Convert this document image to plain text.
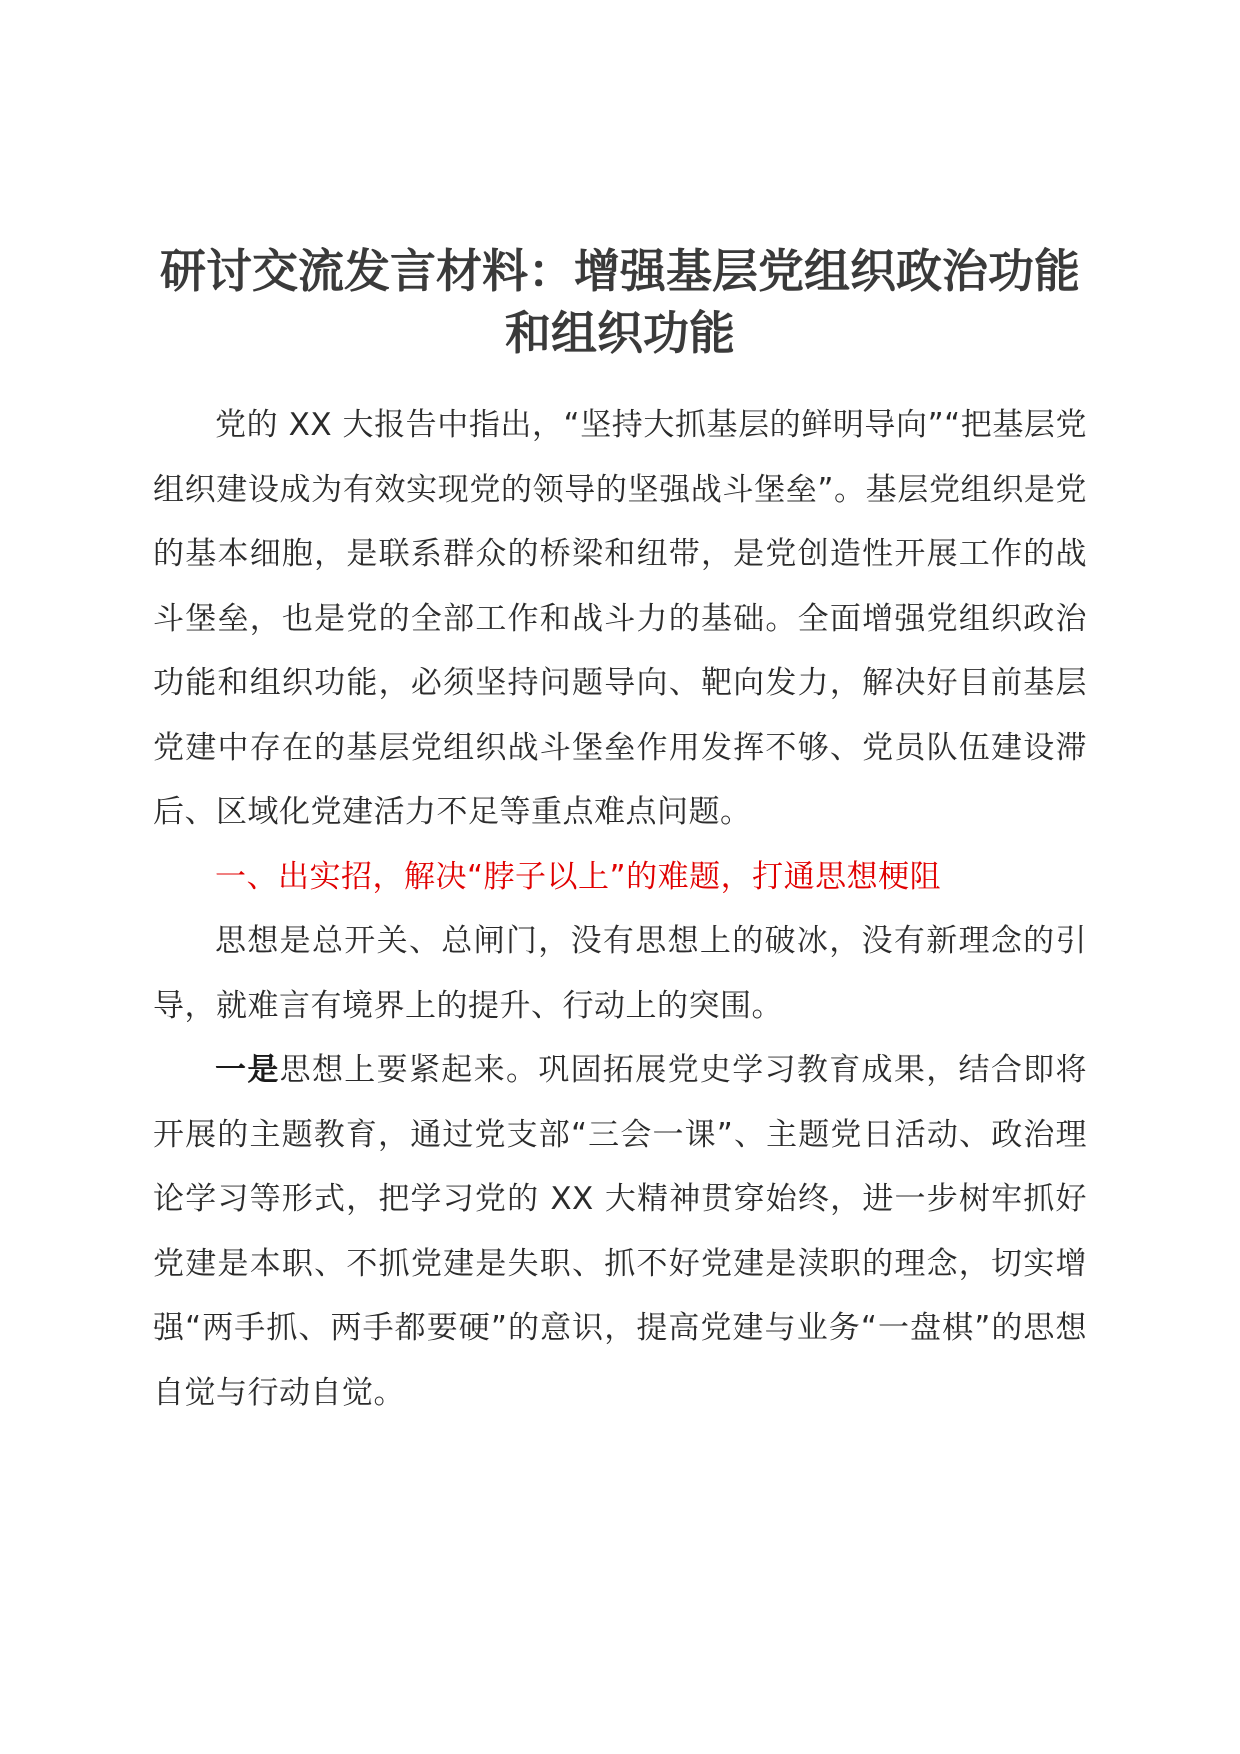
研讨交流发言材料：增强基层党组织政治功能
和组织功能

党的 XX 大报告中指出，“坚持大抓基层的鲜明导向”“把基层党组织建设成为有效实现党的领导的坚强战斗堡垒”。基层党组织是党的基本细胞，是联系群众的桥梁和纽带，是党创造性开展工作的战斗堡垒，也是党的全部工作和战斗力的基础。全面增强党组织政治功能和组织功能，必须坚持问题导向、靶向发力，解决好目前基层党建中存在的基层党组织战斗堡垒作用发挥不够、党员队伍建设滞后、区域化党建活力不足等重点难点问题。

一、出实招，解决“脖子以上”的难题，打通思想梗阻

思想是总开关、总闸门，没有思想上的破冰，没有新理念的引导，就难言有境界上的提升、行动上的突围。

一是思想上要紧起来。巩固拓展党史学习教育成果，结合即将开展的主题教育，通过党支部“三会一课”、主题党日活动、政治理论学习等形式，把学习党的 XX 大精神贯穿始终，进一步树牢抓好党建是本职、不抓党建是失职、抓不好党建是渎职的理念，切实增强“两手抓、两手都要硬”的意识，提高党建与业务“一盘棋”的思想自觉与行动自觉。
